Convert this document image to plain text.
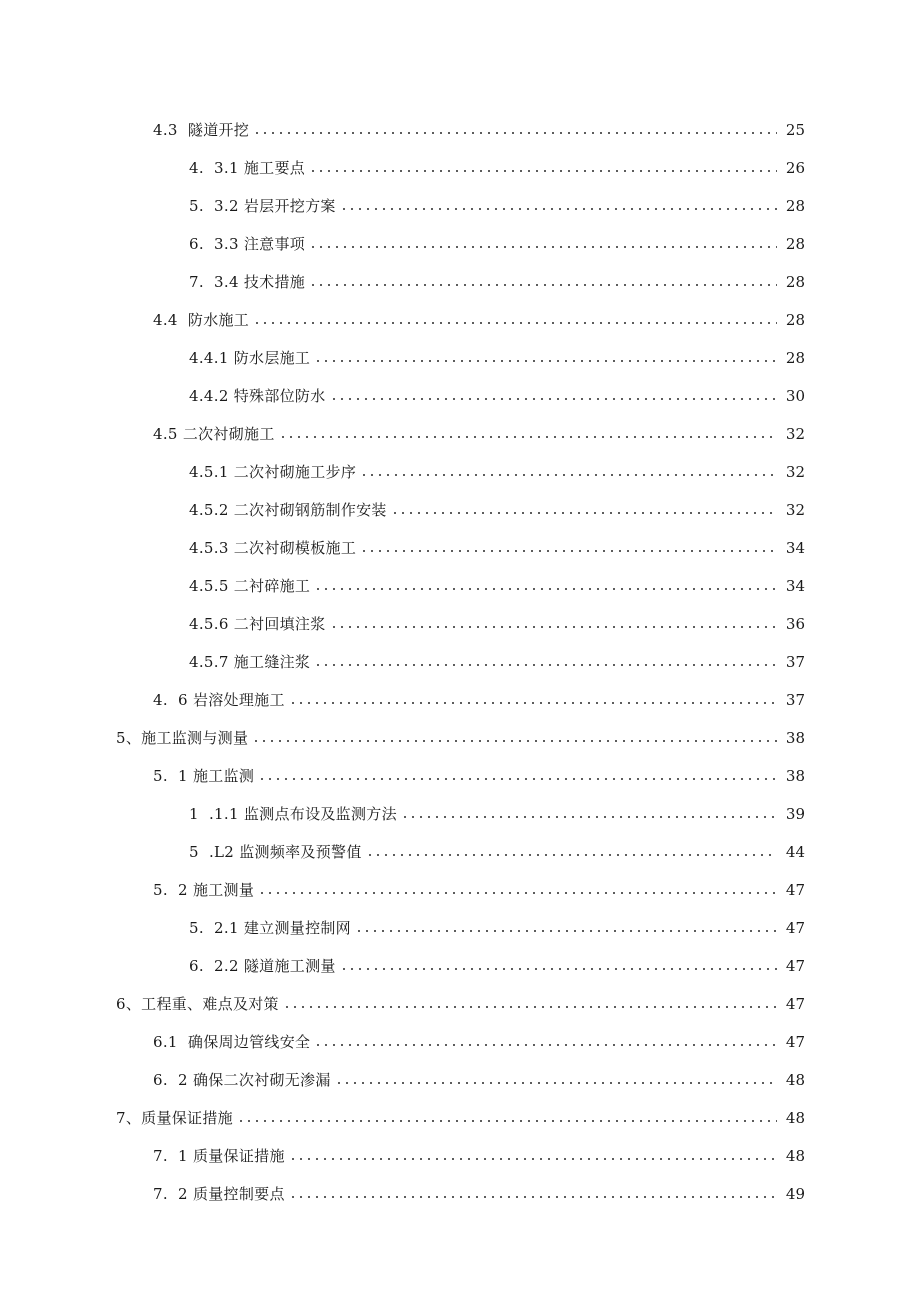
4.3  隧道开挖	25
4.  3.1 施工要点	26
5.  3.2 岩层开挖方案	28
6.  3.3 注意事项	28
7.  3.4 技术措施	28
4.4  防水施工	28
4.4.1 防水层施工	28
4.4.2 特殊部位防水	30
4.5 二次衬砌施工	32
4.5.1 二次衬砌施工步序	32
4.5.2 二次衬砌钢筋制作安装	32
4.5.3 二次衬砌模板施工	34
4.5.5 二衬碎施工	34
4.5.6 二衬回填注浆	36
4.5.7 施工缝注浆	37
4.  6 岩溶处理施工	37
5、施工监测与测量	38
5.  1 施工监测	38
1  .1.1 监测点布设及监测方法	39
5  .L2 监测频率及预警值	44
5.  2 施工测量	47
5.  2.1 建立测量控制网	47
6.  2.2 隧道施工测量	47
6、工程重、难点及对策	47
6.1  确保周边管线安全	47
6.  2 确保二次衬砌无渗漏	48
7、质量保证措施	48
7.  1 质量保证措施	48
7.  2 质量控制要点	49
